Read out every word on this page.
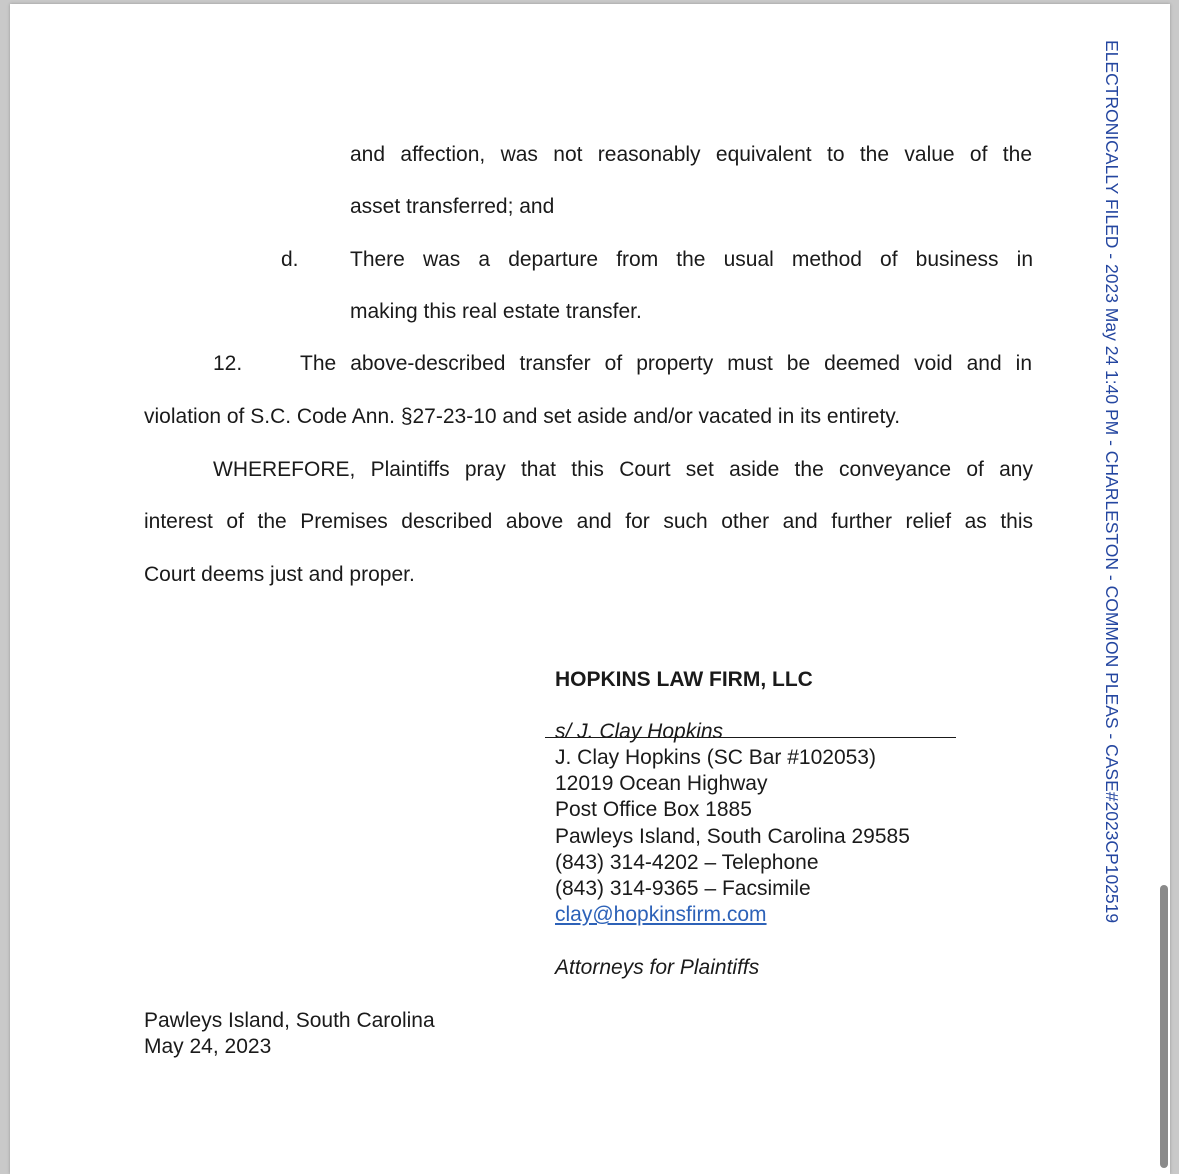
and affection, was not reasonably equivalent to the value of the
asset transferred; and
d. There was a departure from the usual method of business in
making this real estate transfer.
12.	The above-described transfer of property must be deemed void and in
violation of S.C. Code Ann. §27-23-10 and set aside and/or vacated in its entirety.
WHEREFORE, Plaintiffs pray that this Court set aside the conveyance of any
interest of the Premises described above and for such other and further relief as this
Court deems just and proper.
HOPKINS LAW FIRM, LLC
s/ J. Clay Hopkins
J. Clay Hopkins (SC Bar #102053)
12019 Ocean Highway
Post Office Box 1885
Pawleys Island, South Carolina 29585
(843) 314-4202 – Telephone
(843) 314-9365 – Facsimile
clay@hopkinsfirm.com
Attorneys for Plaintiffs
Pawleys Island, South Carolina
May 24, 2023
ELECTRONICALLY FILED - 2023 May 24 1:40 PM - CHARLESTON - COMMON PLEAS - CASE#2023CP102519
